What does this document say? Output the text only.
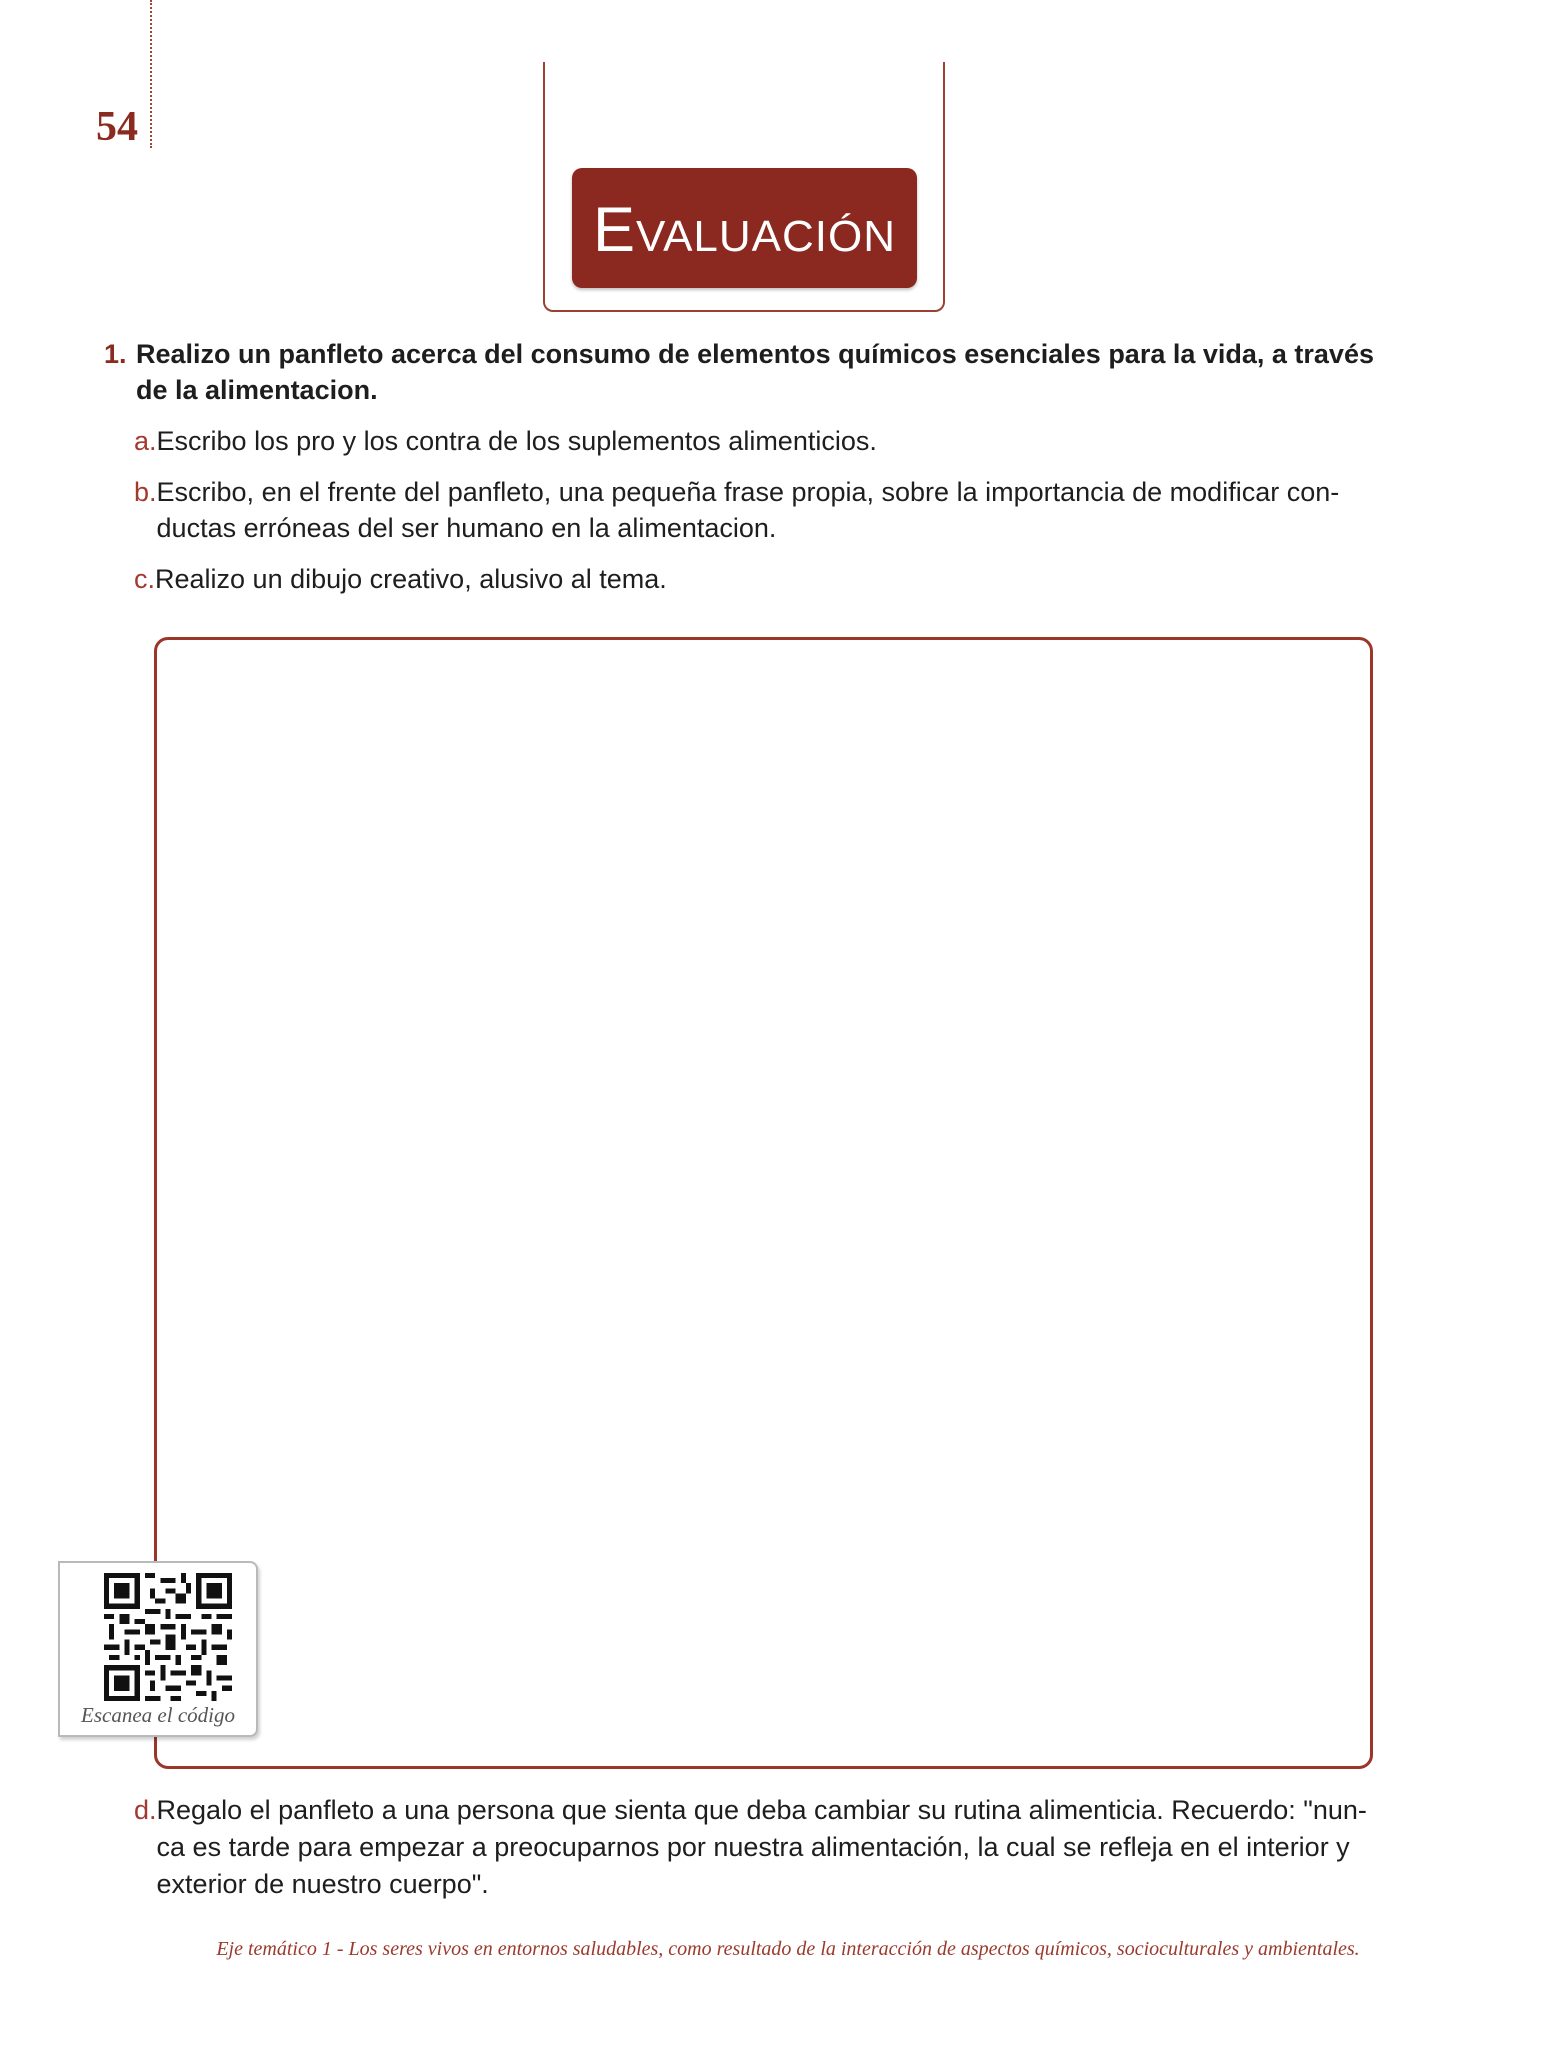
54
Evaluación
1. Realizo un panfleto acerca del consumo de elementos químicos esenciales para la vida, a través de la alimentacion.
a. Escribo los pro y los contra de los suplementos alimenticios.
b. Escribo, en el frente del panfleto, una pequeña frase propia, sobre la importancia de modificar con- ductas erróneas del ser humano en la alimentacion.
c. Realizo un dibujo creativo, alusivo al tema.
Escanea el código
d. Regalo el panfleto a una persona que sienta que deba cambiar su rutina alimenticia. Recuerdo: "nun- ca es tarde para empezar a preocuparnos por nuestra alimentación, la cual se refleja en el interior y exterior de nuestro cuerpo".
Eje temático 1 - Los seres vivos en entornos saludables, como resultado de la interacción de aspectos químicos, socioculturales y ambientales.
